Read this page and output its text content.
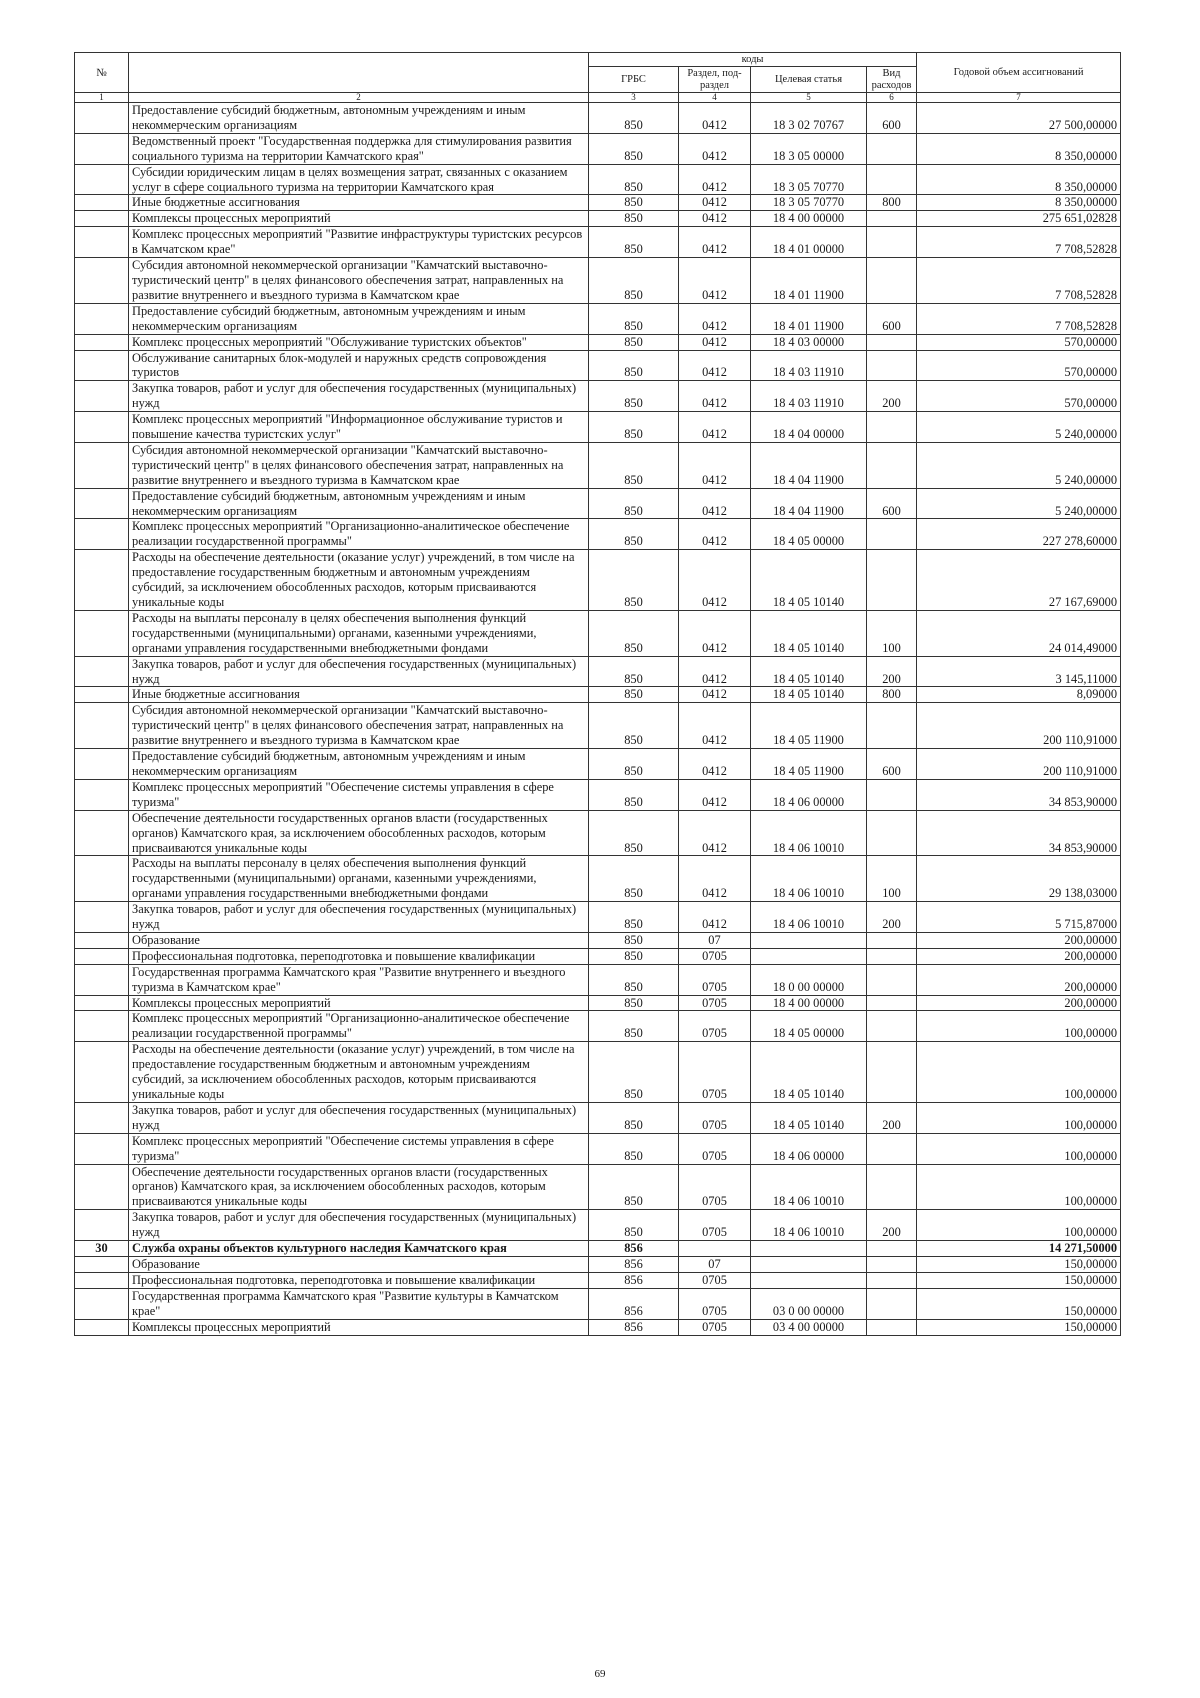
№		коды				Годовой объем ассигнований
		ГРБС	Раздел, под-раздел	Целевая статья	Вид расходов	
1	2	3	4	5	6	7
	Предоставление субсидий бюджетным, автономным учреждениям и иным некоммерческим организациям	850	0412	18 3 02 70767	600	27 500,00000
	Ведомственный проект "Государственная поддержка для стимулирования развития социального туризма на территории Камчатского края"	850	0412	18 3 05 00000		8 350,00000
	Субсидии юридическим лицам в целях возмещения затрат, связанных с оказанием услуг в сфере социального туризма на территории Камчатского края	850	0412	18 3 05 70770		8 350,00000
	Иные бюджетные ассигнования	850	0412	18 3 05 70770	800	8 350,00000
	Комплексы процессных мероприятий	850	0412	18 4 00 00000		275 651,02828
	Комплекс процессных мероприятий "Развитие инфраструктуры туристских ресурсов в Камчатском крае"	850	0412	18 4 01 00000		7 708,52828
	Субсидия автономной некоммерческой организации "Камчатский выставочно-туристический центр" в целях финансового обеспечения затрат, направленных на развитие внутреннего и въездного туризма в Камчатском крае	850	0412	18 4 01 11900		7 708,52828
	Предоставление субсидий бюджетным, автономным учреждениям и иным некоммерческим организациям	850	0412	18 4 01 11900	600	7 708,52828
	Комплекс процессных мероприятий "Обслуживание туристских объектов"	850	0412	18 4 03 00000		570,00000
	Обслуживание санитарных блок-модулей и наружных средств сопровождения туристов	850	0412	18 4 03 11910		570,00000
	Закупка товаров, работ и услуг для обеспечения государственных (муниципальных) нужд	850	0412	18 4 03 11910	200	570,00000
	Комплекс процессных мероприятий "Информационное обслуживание туристов и повышение качества туристских услуг"	850	0412	18 4 04 00000		5 240,00000
	Субсидия автономной некоммерческой организации "Камчатский выставочно-туристический центр" в целях финансового обеспечения затрат, направленных на развитие внутреннего и въездного туризма в Камчатском крае	850	0412	18 4 04 11900		5 240,00000
	Предоставление субсидий бюджетным, автономным учреждениям и иным некоммерческим организациям	850	0412	18 4 04 11900	600	5 240,00000
	Комплекс процессных мероприятий "Организационно-аналитическое обеспечение реализации государственной программы"	850	0412	18 4 05 00000		227 278,60000
	Расходы на обеспечение деятельности (оказание услуг) учреждений, в том числе на предоставление государственным бюджетным и автономным учреждениям субсидий, за исключением обособленных расходов, которым присваиваются уникальные коды	850	0412	18 4 05 10140		27 167,69000
	Расходы на выплаты персоналу в целях обеспечения выполнения функций государственными (муниципальными) органами, казенными учреждениями, органами управления государственными внебюджетными фондами	850	0412	18 4 05 10140	100	24 014,49000
	Закупка товаров, работ и услуг для обеспечения государственных (муниципальных) нужд	850	0412	18 4 05 10140	200	3 145,11000
	Иные бюджетные ассигнования	850	0412	18 4 05 10140	800	8,09000
	Субсидия автономной некоммерческой организации "Камчатский выставочно-туристический центр" в целях финансового обеспечения затрат, направленных на развитие внутреннего и въездного туризма в Камчатском крае	850	0412	18 4 05 11900		200 110,91000
	Предоставление субсидий бюджетным, автономным учреждениям и иным некоммерческим организациям	850	0412	18 4 05 11900	600	200 110,91000
	Комплекс процессных мероприятий "Обеспечение системы управления в сфере туризма"	850	0412	18 4 06 00000		34 853,90000
	Обеспечение деятельности государственных органов власти (государственных органов) Камчатского края, за исключением обособленных расходов, которым присваиваются уникальные коды	850	0412	18 4 06 10010		34 853,90000
	Расходы на выплаты персоналу в целях обеспечения выполнения функций государственными (муниципальными) органами, казенными учреждениями, органами управления государственными внебюджетными фондами	850	0412	18 4 06 10010	100	29 138,03000
	Закупка товаров, работ и услуг для обеспечения государственных (муниципальных) нужд	850	0412	18 4 06 10010	200	5 715,87000
	Образование	850	07			200,00000
	Профессиональная подготовка, переподготовка и повышение квалификации	850	0705			200,00000
	Государственная программа Камчатского края "Развитие внутреннего и въездного туризма в Камчатском крае"	850	0705	18 0 00 00000		200,00000
	Комплексы процессных мероприятий	850	0705	18 4 00 00000		200,00000
	Комплекс процессных мероприятий "Организационно-аналитическое обеспечение реализации государственной программы"	850	0705	18 4 05 00000		100,00000
	Расходы на обеспечение деятельности (оказание услуг) учреждений, в том числе на предоставление государственным бюджетным и автономным учреждениям субсидий, за исключением обособленных расходов, которым присваиваются уникальные коды	850	0705	18 4 05 10140		100,00000
	Закупка товаров, работ и услуг для обеспечения государственных (муниципальных) нужд	850	0705	18 4 05 10140	200	100,00000
	Комплекс процессных мероприятий "Обеспечение системы управления в сфере туризма"	850	0705	18 4 06 00000		100,00000
	Обеспечение деятельности государственных органов власти (государственных органов) Камчатского края, за исключением обособленных расходов, которым присваиваются уникальные коды	850	0705	18 4 06 10010		100,00000
	Закупка товаров, работ и услуг для обеспечения государственных (муниципальных) нужд	850	0705	18 4 06 10010	200	100,00000
30	Служба охраны объектов культурного наследия Камчатского края	856				14 271,50000
	Образование	856	07			150,00000
	Профессиональная подготовка, переподготовка и повышение квалификации	856	0705			150,00000
	Государственная программа Камчатского края "Развитие культуры в Камчатском крае"	856	0705	03 0 00 00000		150,00000
	Комплексы процессных мероприятий	856	0705	03 4 00 00000		150,00000
69
